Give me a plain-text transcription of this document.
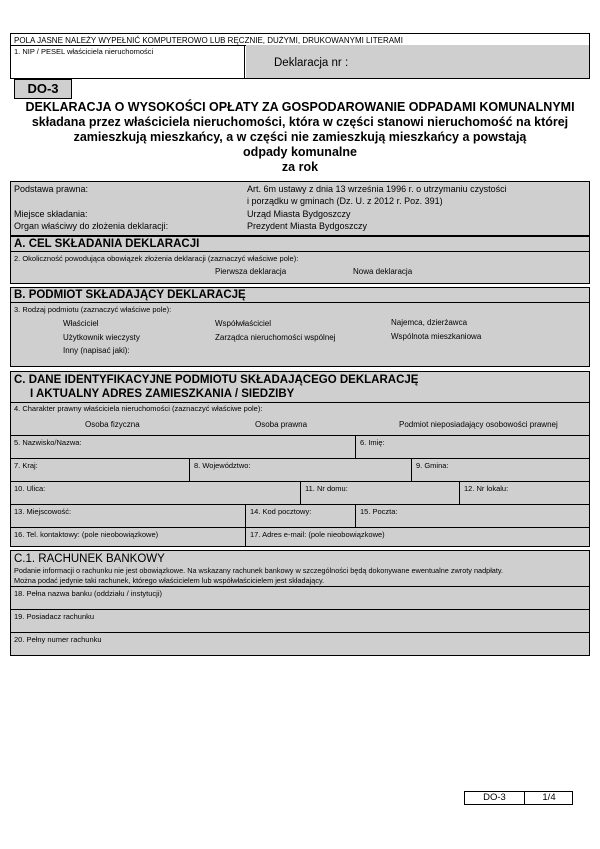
POLA JASNE NALEŻY WYPEŁNIĆ KOMPUTEROWO LUB RĘCZNIE, DUŻYMI, DRUKOWANYMI LITERAMI
1. NIP / PESEL właściciela nieruchomości
Deklaracja nr :
DO-3
DEKLARACJA O WYSOKOŚCI OPŁATY ZA GOSPODAROWANIE ODPADAMI KOMUNALNYMI
składana przez właściciela nieruchomości, która w części stanowi nieruchomość na której
zamieszkują mieszkańcy, a w części nie zamieszkują mieszkańcy a powstają
odpady komunalne
za rok
Podstawa prawna:	Art. 6m ustawy z dnia 13 września 1996 r. o utrzymaniu czystości
i porządku w gminach (Dz. U. z 2012 r. Poz. 391)
Miejsce składania:	Urząd Miasta Bydgoszczy
Organ właściwy do złożenia deklaracji:	Prezydent Miasta Bydgoszczy
A. CEL SKŁADANIA DEKLARACJI
2. Okoliczność powodująca obowiązek złożenia deklaracji (zaznaczyć właściwe pole):
Pierwsza deklaracja	Nowa deklaracja
B. PODMIOT SKŁADAJĄCY DEKLARACJĘ
3. Rodzaj podmiotu (zaznaczyć właściwe pole):
Właściciel	Współwłaściciel	Najemca, dzierżawca
Użytkownik wieczysty	Zarządca nieruchomości wspólnej	Wspólnota mieszkaniowa
Inny (napisać jaki):
C. DANE IDENTYFIKACYJNE PODMIOTU SKŁADAJĄCEGO DEKLARACJĘ
I AKTUALNY ADRES ZAMIESZKANIA / SIEDZIBY
4. Charakter prawny właściciela nieruchomości (zaznaczyć właściwe pole):
Osoba fizyczna	Osoba prawna	Podmiot nieposiadający osobowości prawnej
5. Nazwisko/Nazwa:	6. Imię:
7. Kraj:	8. Województwo:	9. Gmina:
10. Ulica:	11. Nr domu:	12. Nr lokalu:
13. Miejscowość:	14. Kod pocztowy:	15. Poczta:
16. Tel. kontaktowy: (pole nieobowiązkowe)	17. Adres e-mail: (pole nieobowiązkowe)
C.1. RACHUNEK BANKOWY
Podanie informacji o rachunku nie jest obowiązkowe. Na wskazany rachunek bankowy w szczególności będą dokonywane ewentualne zwroty nadpłaty.
Można podać jedynie taki rachunek, którego właścicielem lub współwłaścicielem jest składający.
18. Pełna nazwa banku (oddziału / instytucji)
19. Posiadacz rachunku
20. Pełny numer rachunku
DO-3	1/4
